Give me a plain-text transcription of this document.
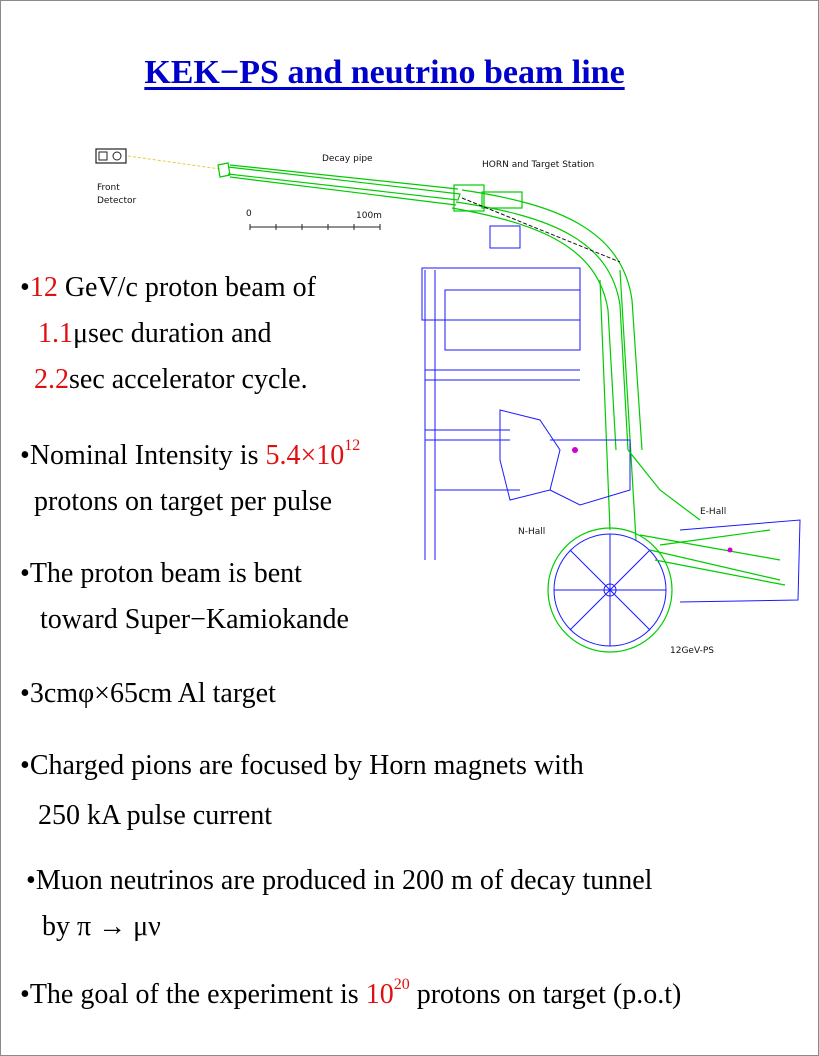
KEK−PS and neutrino beam line
Front
Detector
Decay pipe
HORN and Target Station
0	100m
N-Hall
E-Hall
12GeV-PS
•12 GeV/c proton beam of
1.1μsec duration and
2.2sec accelerator cycle.
•Nominal Intensity is $5.4\times 10^{12}$
protons on target per pulse
•The proton beam is bent
toward Super−Kamiokande
•3cmφ×65cm Al target
•Charged pions are focused by Horn magnets with
250 kA pulse current
•Muon neutrinos are produced in 200 m of decay tunnel
by π → μν
•The goal of the experiment is $10^{20}$ protons on target (p.o.t)
